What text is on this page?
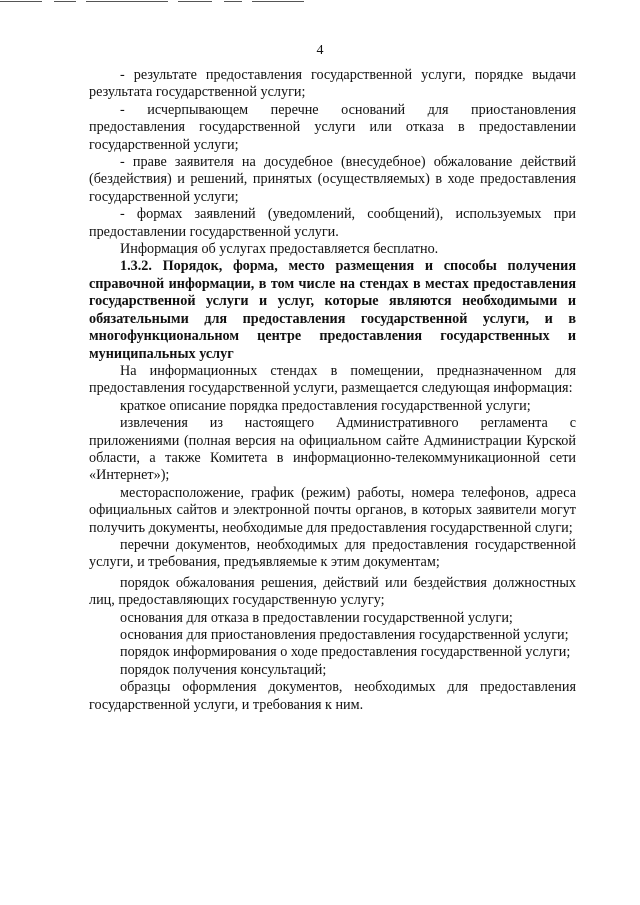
4

- результате предоставления государственной услуги, порядке выдачи результата государственной услуги;

- исчерпывающем перечне оснований для приостановления предоставления государственной услуги или отказа в предоставлении государственной услуги;

- праве заявителя на досудебное (внесудебное) обжалование действий (бездействия) и решений, принятых (осуществляемых) в ходе предоставления государственной услуги;

- формах заявлений (уведомлений, сообщений), используемых при предоставлении государственной услуги.

Информация об услугах предоставляется бесплатно.

1.3.2. Порядок, форма, место размещения и способы получения справочной информации, в том числе на стендах в местах предоставления государственной услуги и услуг, которые являются необходимыми и обязательными для предоставления государственной услуги, и в многофункциональном центре предоставления государственных и муниципальных услуг

На информационных стендах в помещении, предназначенном для предоставления государственной услуги, размещается следующая информация:

краткое описание порядка предоставления государственной услуги;

извлечения из настоящего Административного регламента с приложениями (полная версия на официальном сайте Администрации Курской области, а также Комитета в информационно-телекоммуникационной сети «Интернет»);

месторасположение, график (режим) работы, номера телефонов, адреса официальных сайтов и электронной почты органов, в которых заявители могут получить документы, необходимые для предоставления государственной слуги;

перечни документов, необходимых для предоставления государственной услуги, и требования, предъявляемые к этим документам;

порядок обжалования решения, действий или бездействия должностных лиц, предоставляющих государственную услугу;

основания для отказа в предоставлении государственной услуги;

основания для приостановления предоставления государственной услуги;

порядок информирования о ходе предоставления государственной услуги;

порядок получения консультаций;

образцы оформления документов, необходимых для предоставления государственной услуги, и требования к ним.
